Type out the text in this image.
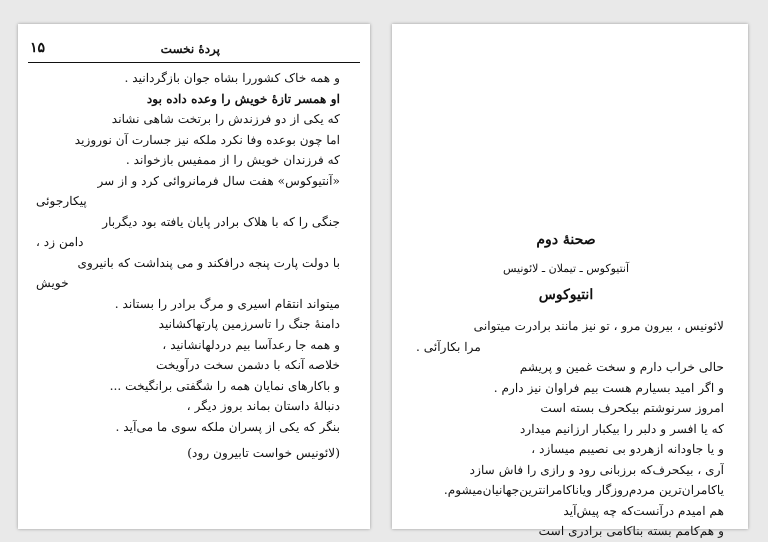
پردهٔ نخست
۱۵
و همه خاک کشوررا بشاه جوان بازگردانید .
او همسر تازهٔ خویش را وعده داده بود
که یکی از دو فرزندش را برتخت شاهی نشاند
اما چون بوعده وفا نکرد ملکه نیز جسارت آن نوروزید
که فرزندان خویش را از ممفیس بازخواند .
«آنتیوکوس» هفت سال فرمانروائی کرد و از سر
پیکارجوئی
جنگی را که با هلاک برادر پایان یافته بود دیگربار
دامن زد ،
با دولت پارت پنجه درافکند و می پنداشت که بانیروی
خویش
میتواند انتقام اسیری و مرگ برادر را بستاند .
دامنهٔ جنگ را تاسرزمین پارتهاکشانید
و همه جا رعدآسا بیم دردلهانشانید ،
خلاصه آنکه با دشمن سخت درآویخت
و باکارهای نمایان همه را شگفتی برانگیخت ...
دنبالهٔ داستان بماند بروز دیگر ،
بنگر که یکی از پسران ملکه سوی ما می‌آید .
(لائونیس خواست تابیرون رود)
صحنهٔ دوم
آنتیوکوس ـ تیملان ـ لائونیس
انتیوکوس
لائونیس ، بیرون مرو ، تو نیز مانند برادرت میتوانی
مرا بکارآئی .
حالی خراب دارم و سخت غمین و پریشم
و اگر امید بسیارم هست بیم فراوان نیز دارم .
امروز سرنوشتم بیکحرف بسته است
که یا افسر و دلبر را بیکبار ارزانیم میدارد
و یا جاودانه ازهردو بی نصیبم میسازد ،
آری ، بیکحرف‌که برزبانی رود و رازی را فاش سازد
یاکامران‌ترین مردم‌روزگار ویاناکامرانترین‌جهانیان‌میشوم.
هم امیدم درآنست‌که چه پیش‌آید
و هم‌کامم بسته بناکامی برادری است
